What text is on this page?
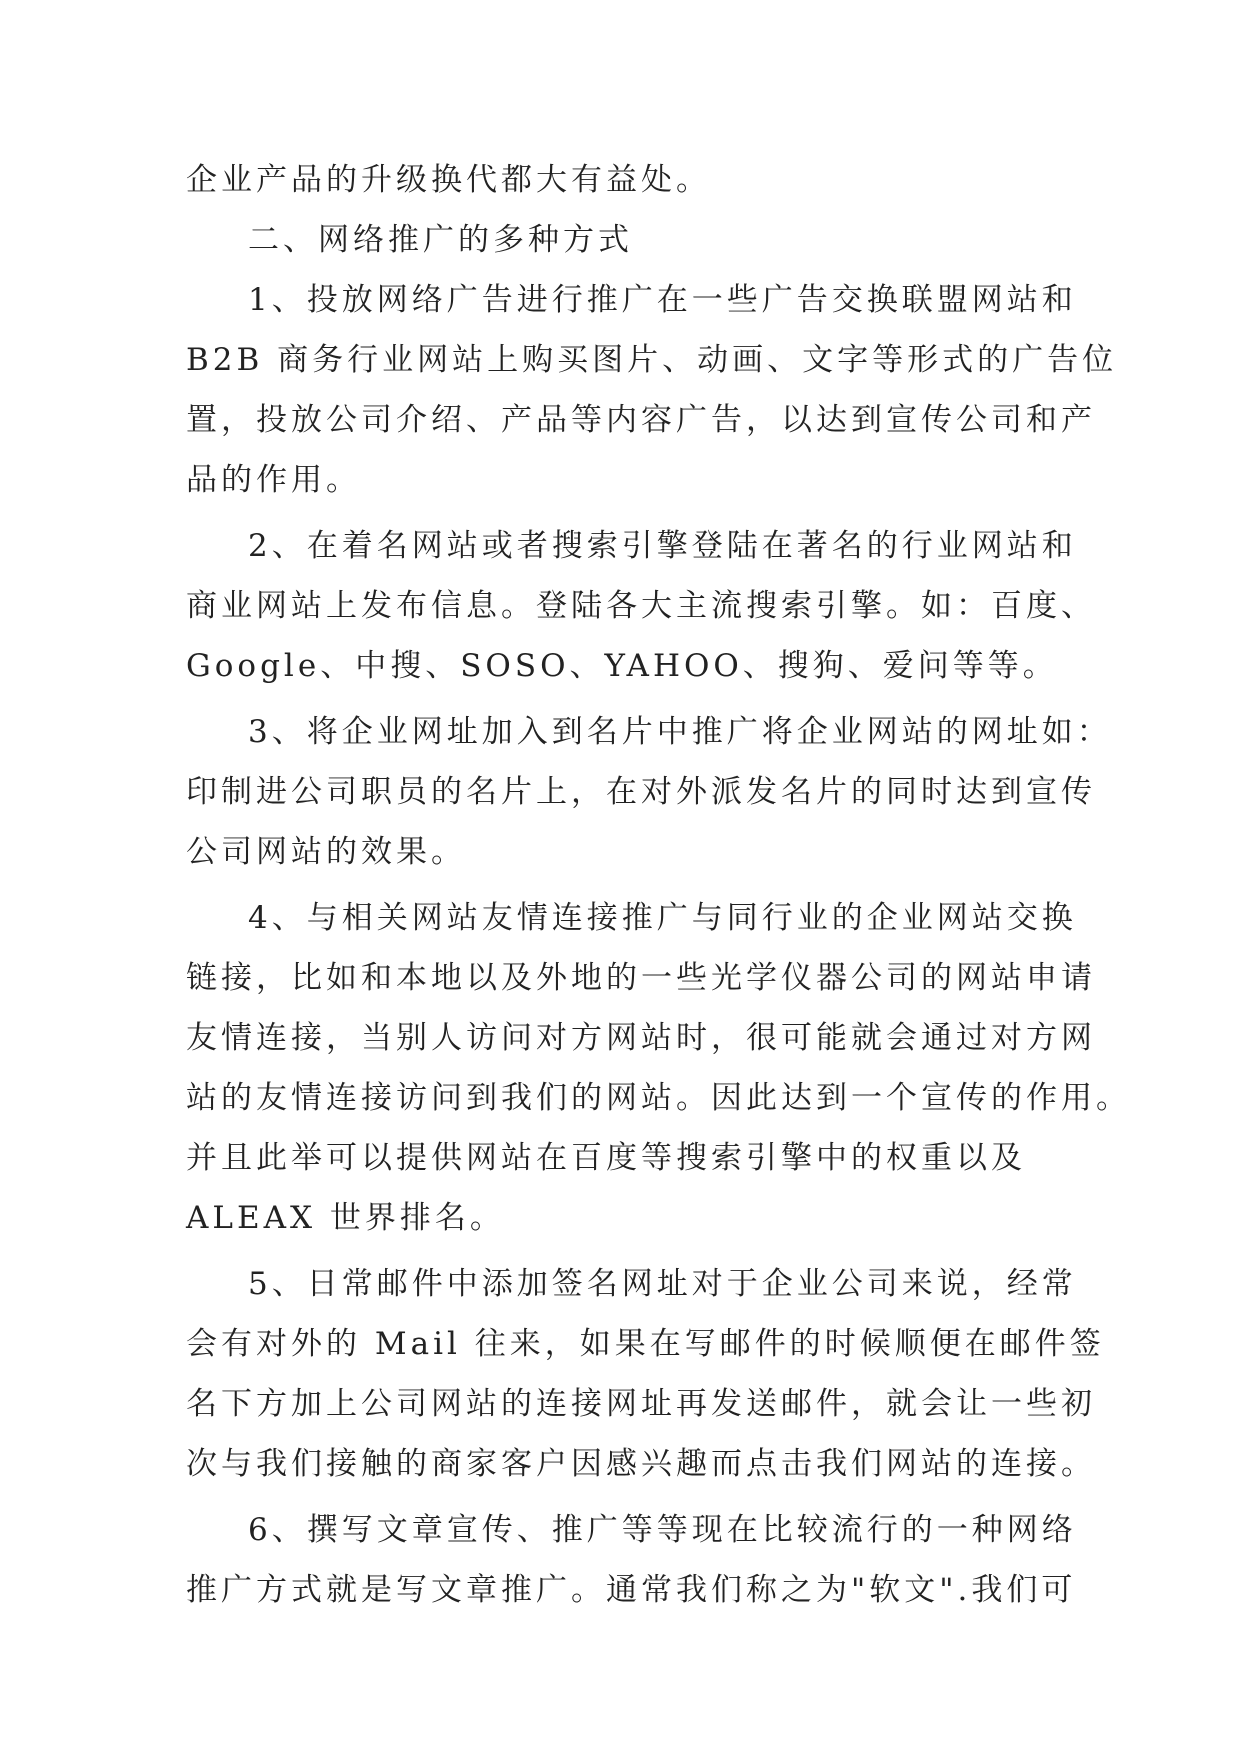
企业产品的升级换代都大有益处。
二、网络推广的多种方式
1、投放网络广告进行推广在一些广告交换联盟网站和
B2B 商务行业网站上购买图片、动画、文字等形式的广告位
置，投放公司介绍、产品等内容广告，以达到宣传公司和产
品的作用。
2、在着名网站或者搜索引擎登陆在著名的行业网站和
商业网站上发布信息。登陆各大主流搜索引擎。如：百度、
Google、中搜、SOSO、YAHOO、搜狗、爱问等等。
3、将企业网址加入到名片中推广将企业网站的网址如：
印制进公司职员的名片上，在对外派发名片的同时达到宣传
公司网站的效果。
4、与相关网站友情连接推广与同行业的企业网站交换
链接，比如和本地以及外地的一些光学仪器公司的网站申请
友情连接，当别人访问对方网站时，很可能就会通过对方网
站的友情连接访问到我们的网站。因此达到一个宣传的作用。
并且此举可以提供网站在百度等搜索引擎中的权重以及
ALEAX 世界排名。
5、日常邮件中添加签名网址对于企业公司来说，经常
会有对外的 Mail 往来，如果在写邮件的时候顺便在邮件签
名下方加上公司网站的连接网址再发送邮件，就会让一些初
次与我们接触的商家客户因感兴趣而点击我们网站的连接。
6、撰写文章宣传、推广等等现在比较流行的一种网络
推广方式就是写文章推广。通常我们称之为"软文".我们可
